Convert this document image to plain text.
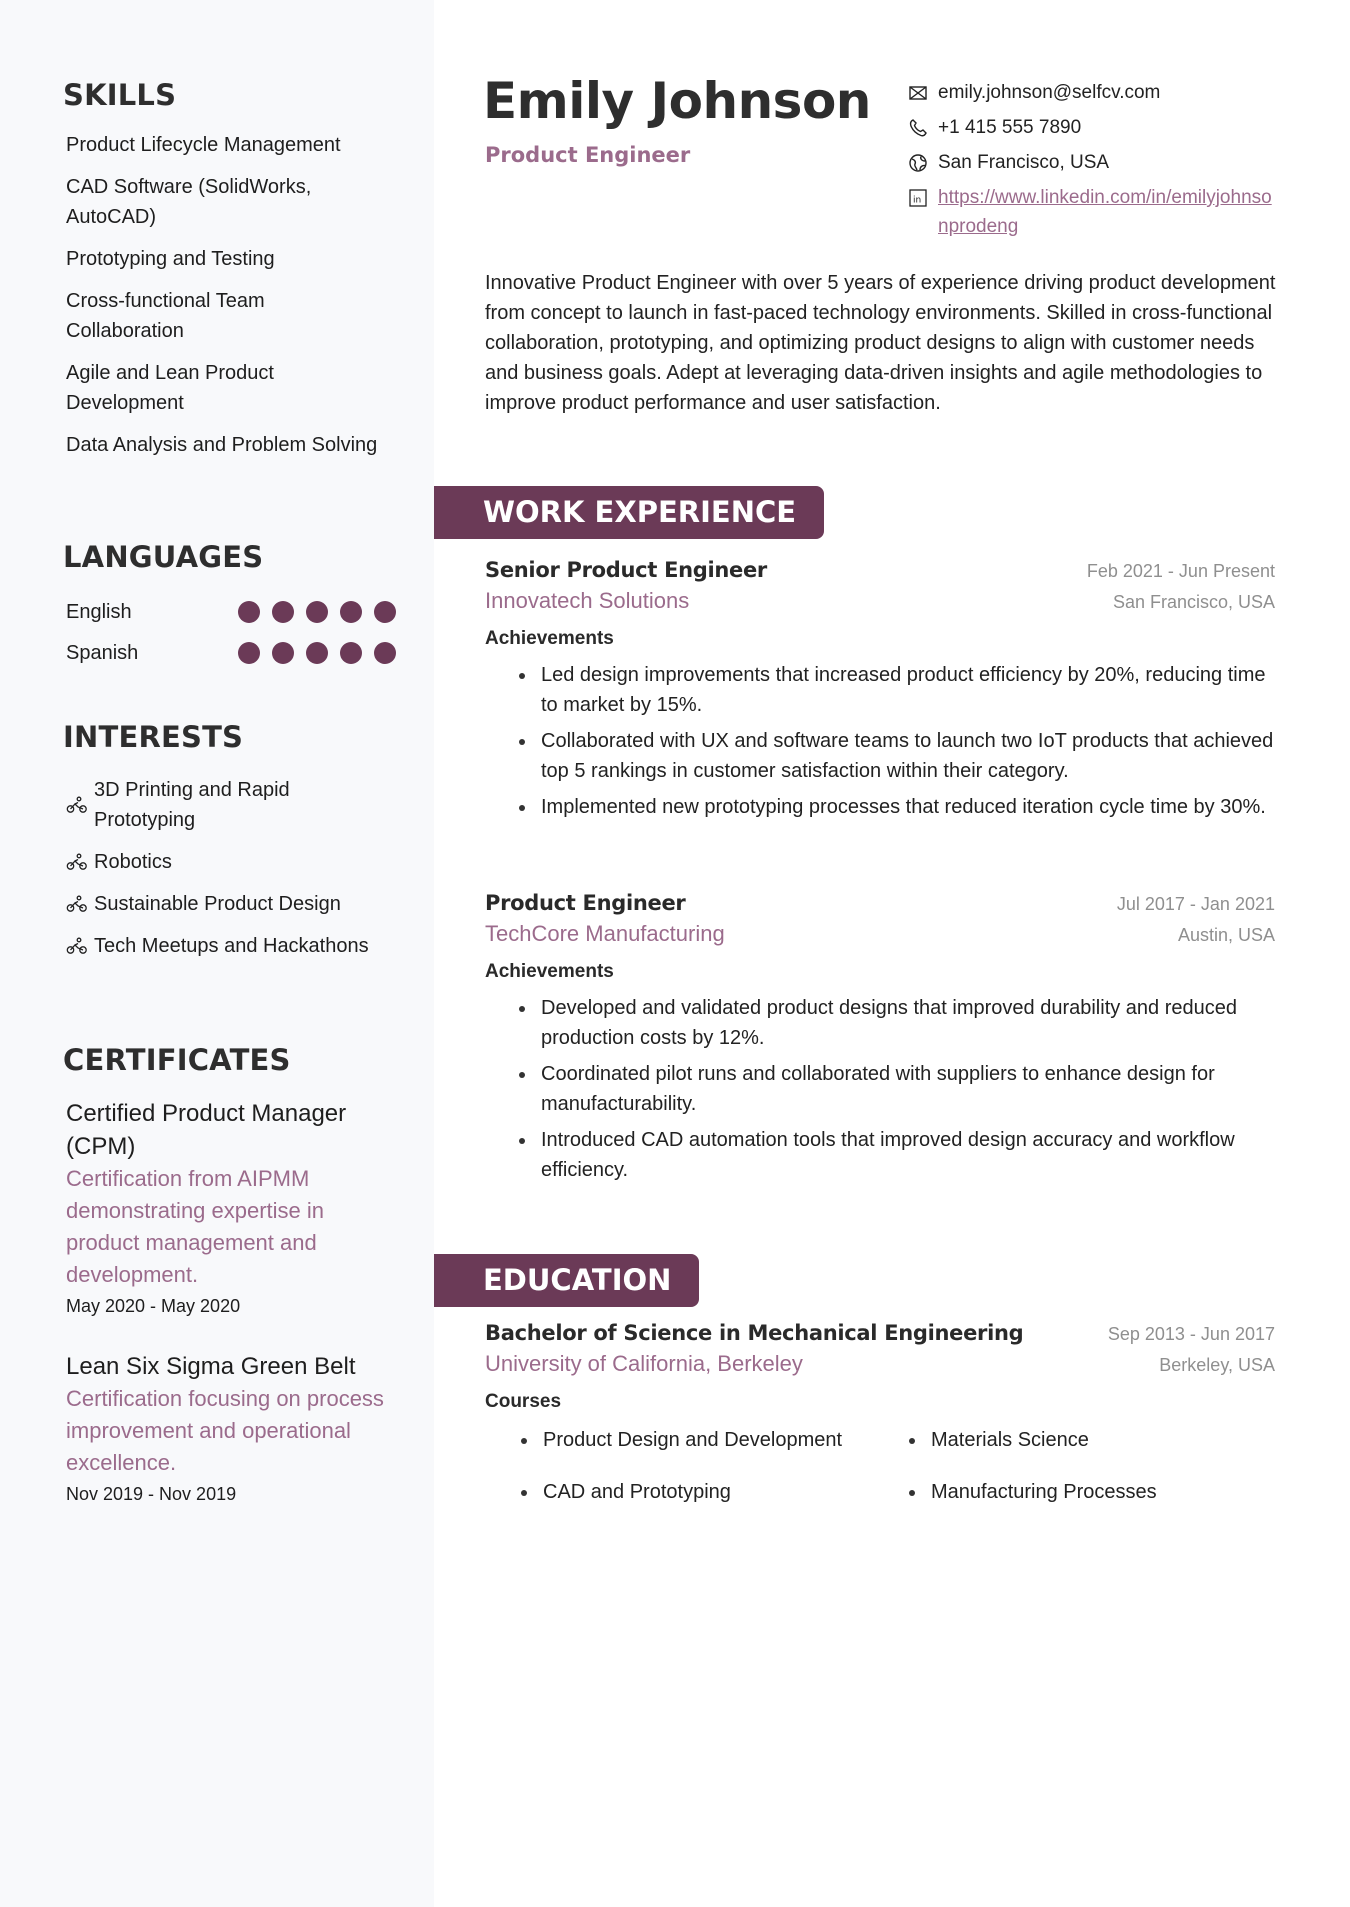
SKILLS
Product Lifecycle Management
CAD Software (SolidWorks, AutoCAD)
Prototyping and Testing
Cross-functional Team Collaboration
Agile and Lean Product Development
Data Analysis and Problem Solving
LANGUAGES
English
Spanish
INTERESTS
3D Printing and Rapid Prototyping
Robotics
Sustainable Product Design
Tech Meetups and Hackathons
CERTIFICATES
Certified Product Manager (CPM)
Certification from AIPMM demonstrating expertise in product management and development.
May 2020 - May 2020
Lean Six Sigma Green Belt
Certification focusing on process improvement and operational excellence.
Nov 2019 - Nov 2019
Emily Johnson
Product Engineer
emily.johnson@selfcv.com
+1 415 555 7890
San Francisco, USA
in https://www.linkedin.com/in/emilyjohnsonprodeng

Innovative Product Engineer with over 5 years of experience driving product development from concept to launch in fast-paced technology environments. Skilled in cross-functional collaboration, prototyping, and optimizing product designs to align with customer needs and business goals. Adept at leveraging data-driven insights and agile methodologies to improve product performance and user satisfaction.

WORK EXPERIENCE
Senior Product Engineer	Feb 2021 - Jun Present
Innovatech Solutions	San Francisco, USA
Achievements
Led design improvements that increased product efficiency by 20%, reducing time to market by 15%.
Collaborated with UX and software teams to launch two IoT products that achieved top 5 rankings in customer satisfaction within their category.
Implemented new prototyping processes that reduced iteration cycle time by 30%.
Product Engineer	Jul 2017 - Jan 2021
TechCore Manufacturing	Austin, USA
Achievements
Developed and validated product designs that improved durability and reduced production costs by 12%.
Coordinated pilot runs and collaborated with suppliers to enhance design for manufacturability.
Introduced CAD automation tools that improved design accuracy and workflow efficiency.
EDUCATION
Bachelor of Science in Mechanical Engineering	Sep 2013 - Jun 2017
University of California, Berkeley	Berkeley, USA
Courses
Product Design and Development	Materials Science
CAD and Prototyping	Manufacturing Processes
